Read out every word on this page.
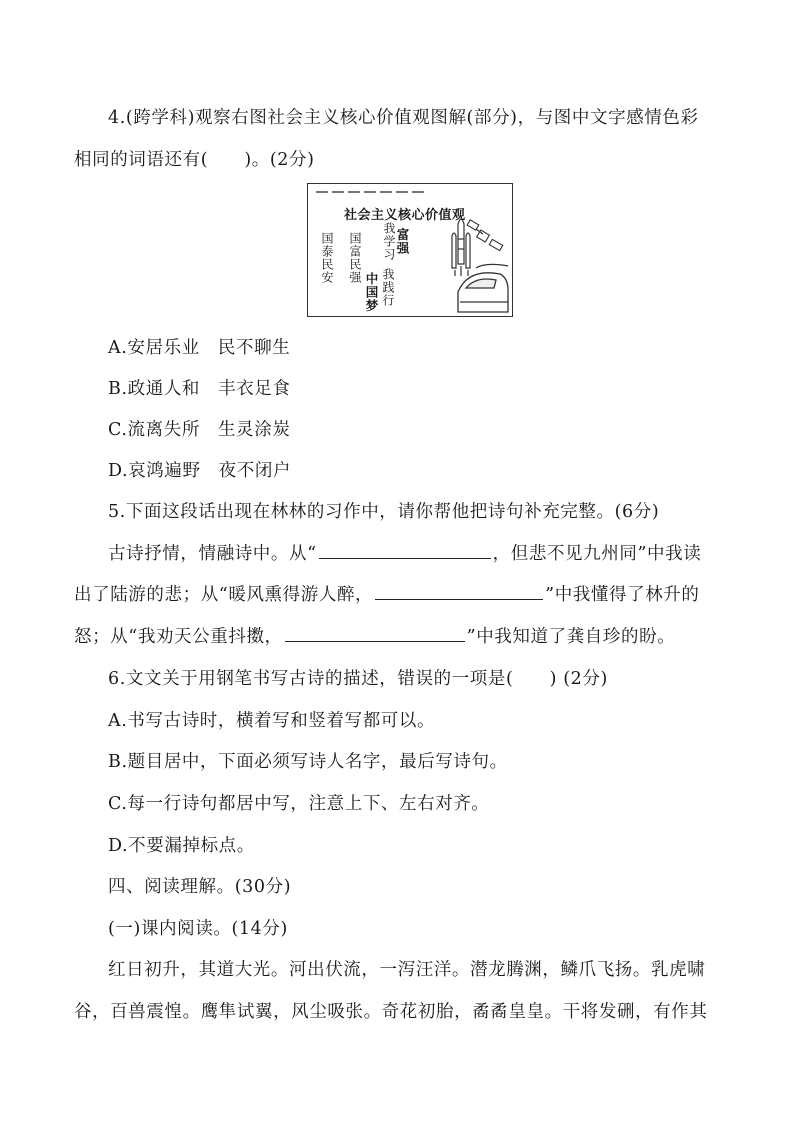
4.(跨学科)观察右图社会主义核心价值观图解(部分)，与图中文字感情色彩
相同的词语还有(　　)。(2分)
社会主义核心价值观
国泰民安 国富民强 我学习 富强
我践行
中国梦
A.安居乐业　民不聊生
B.政通人和　丰衣足食
C.流离失所　生灵涂炭
D.哀鸿遍野　夜不闭户
5.下面这段话出现在林林的习作中，请你帮他把诗句补充完整。(6分)
古诗抒情，情融诗中。从“	，但悲不见九州同”中我读
出了陆游的悲；从“暖风熏得游人醉，	”中我懂得了林升的
怒；从“我劝天公重抖擞，	”中我知道了龚自珍的盼。
6.文文关于用钢笔书写古诗的描述，错误的一项是(　　) (2分)
A.书写古诗时，横着写和竖着写都可以。
B.题目居中，下面必须写诗人名字，最后写诗句。
C.每一行诗句都居中写，注意上下、左右对齐。
D.不要漏掉标点。
四、阅读理解。(30分)
(一)课内阅读。(14分)
红日初升，其道大光。河出伏流，一泻汪洋。潜龙腾渊，鳞爪飞扬。乳虎啸
谷，百兽震惶。鹰隼试翼，风尘吸张。奇花初胎，矞矞皇皇。干将发硎，有作其
